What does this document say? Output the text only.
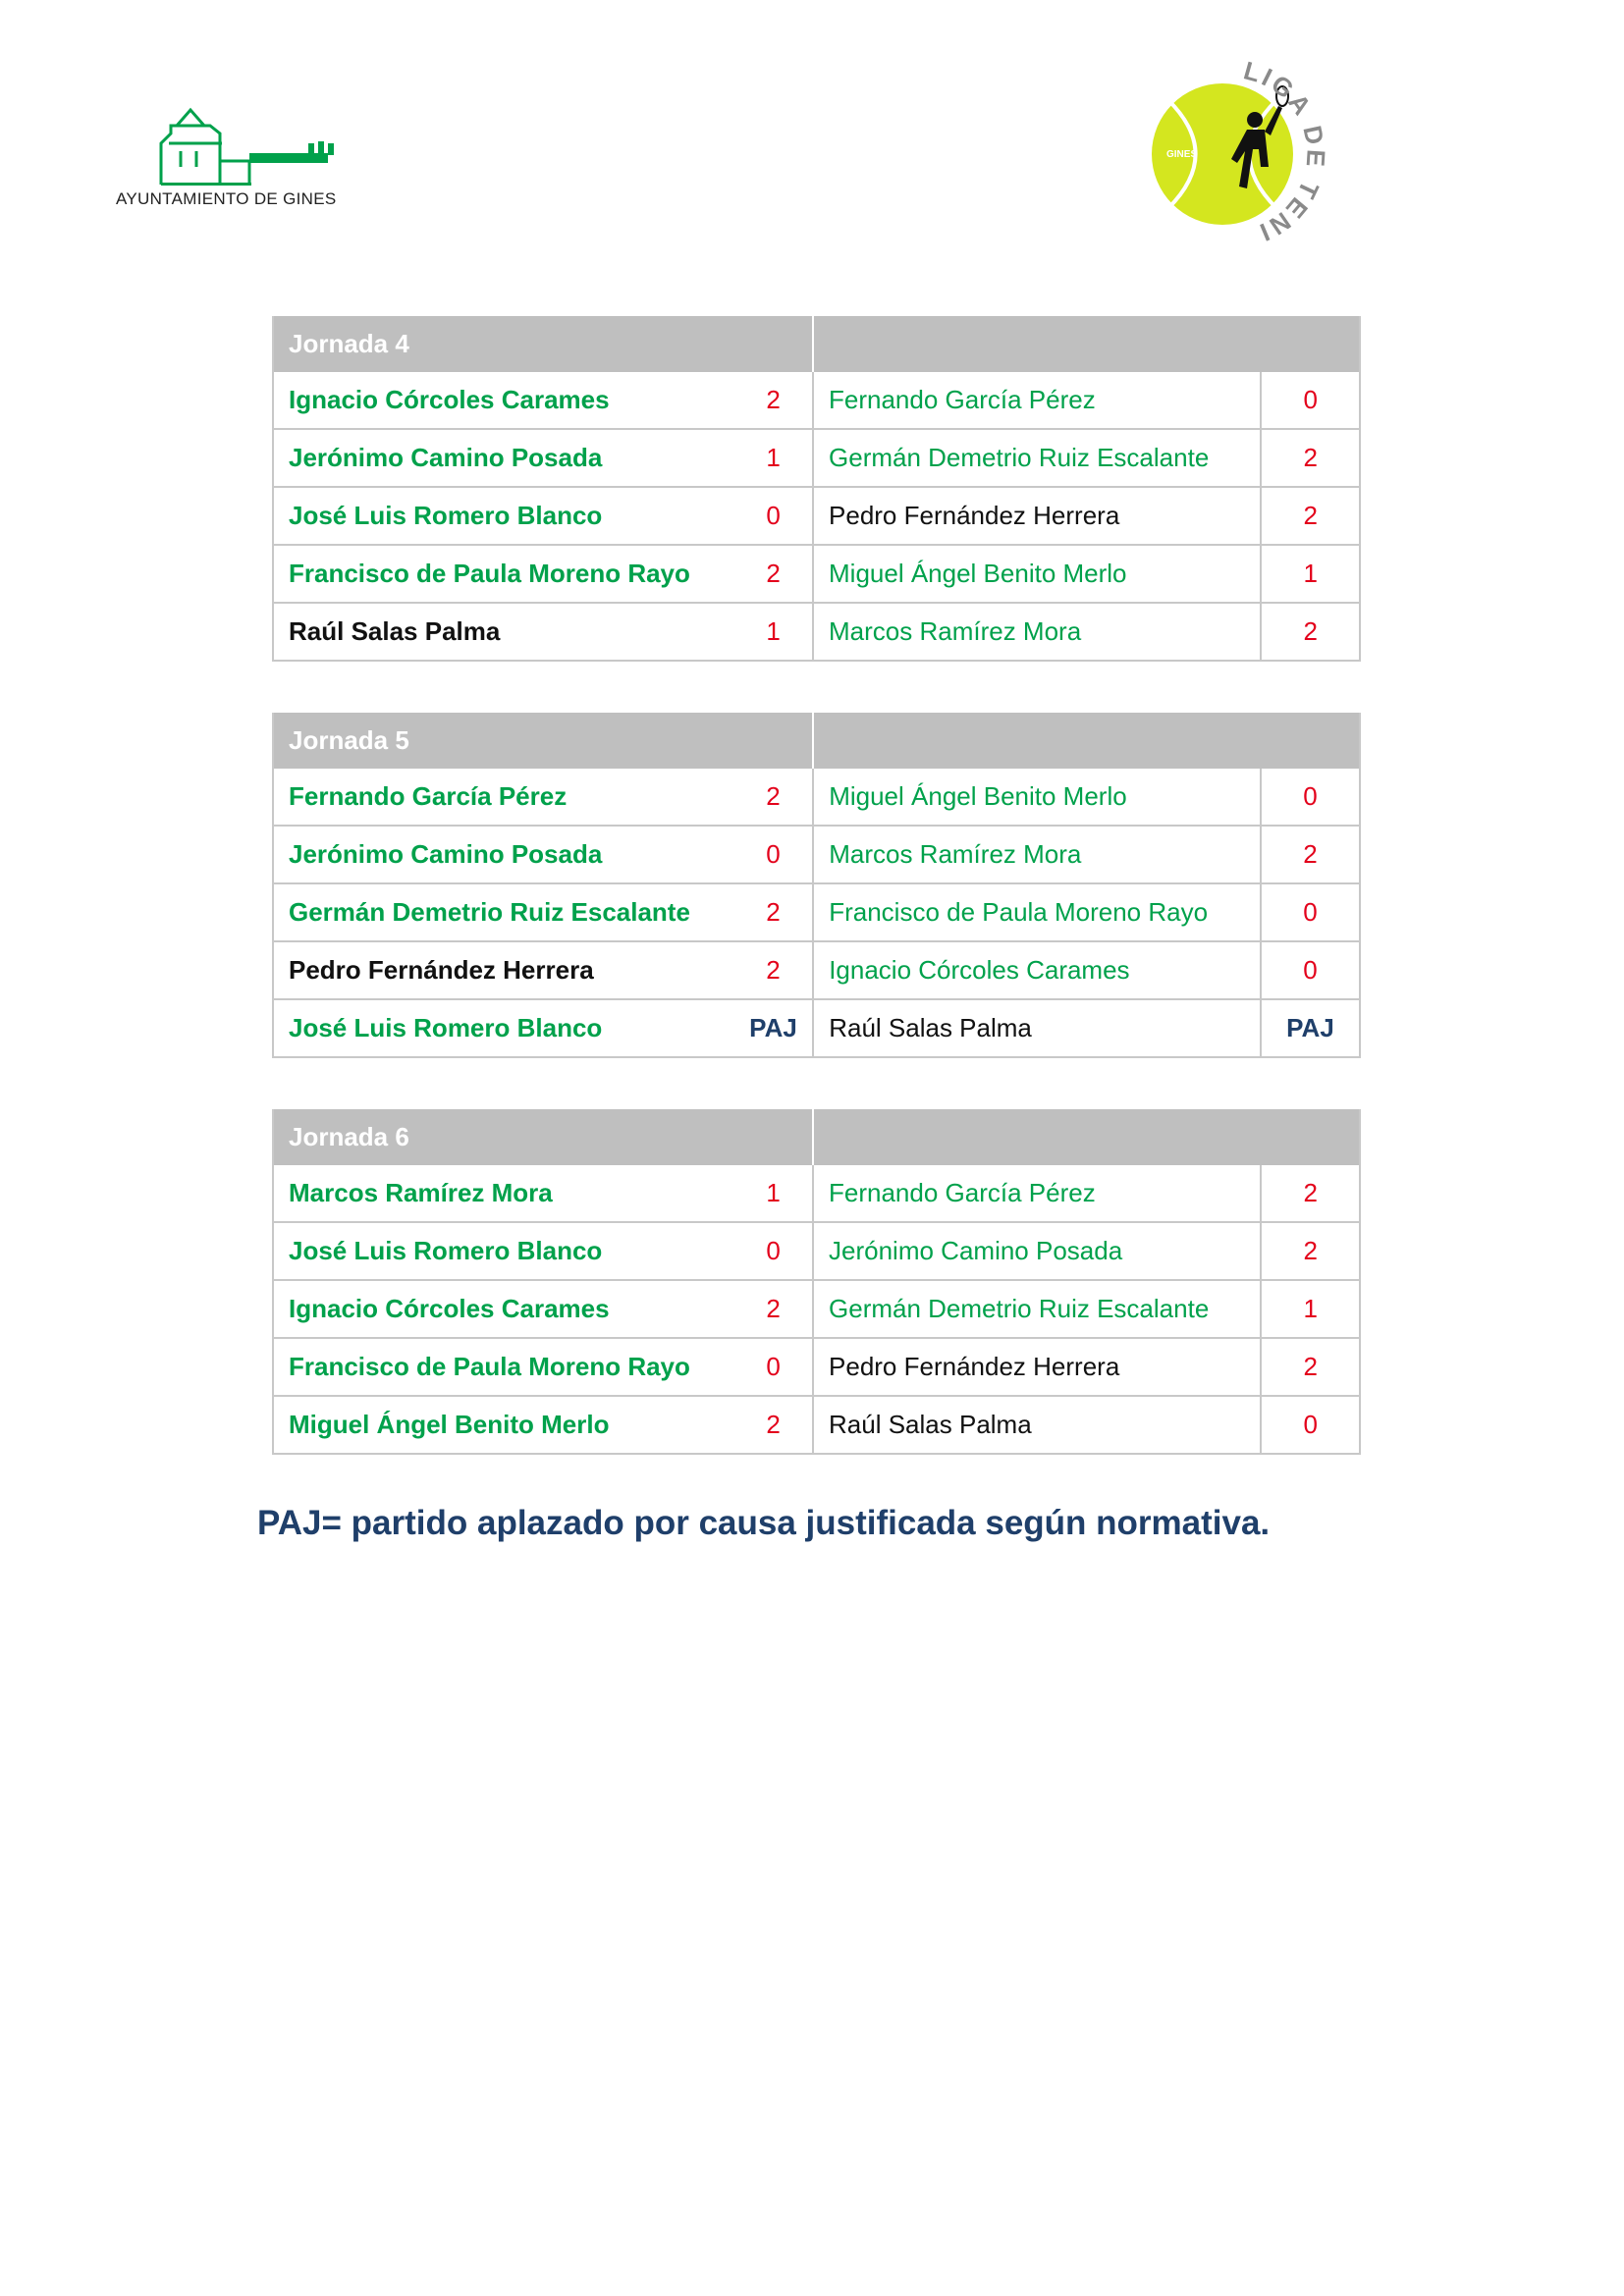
AYUNTAMIENTO DE GINES
GINES
LIGA DE TENI
Jornada 4			
Ignacio Córcoles Carames	2	Fernando García Pérez	0
Jerónimo Camino Posada	1	Germán Demetrio Ruiz Escalante	2
José Luis Romero Blanco	0	Pedro Fernández Herrera	2
Francisco de Paula Moreno Rayo	2	Miguel Ángel Benito Merlo	1
Raúl Salas Palma	1	Marcos Ramírez Mora	2
Jornada 5			
Fernando García Pérez	2	Miguel Ángel Benito Merlo	0
Jerónimo Camino Posada	0	Marcos Ramírez Mora	2
Germán Demetrio Ruiz Escalante	2	Francisco de Paula Moreno Rayo	0
Pedro Fernández Herrera	2	Ignacio Córcoles Carames	0
José Luis Romero Blanco	PAJ	Raúl Salas Palma	PAJ
Jornada 6			
Marcos Ramírez Mora	1	Fernando García Pérez	2
José Luis Romero Blanco	0	Jerónimo Camino Posada	2
Ignacio Córcoles Carames	2	Germán Demetrio Ruiz Escalante	1
Francisco de Paula Moreno Rayo	0	Pedro Fernández Herrera	2
Miguel Ángel Benito Merlo	2	Raúl Salas Palma	0
PAJ= partido aplazado por causa justificada según normativa.
